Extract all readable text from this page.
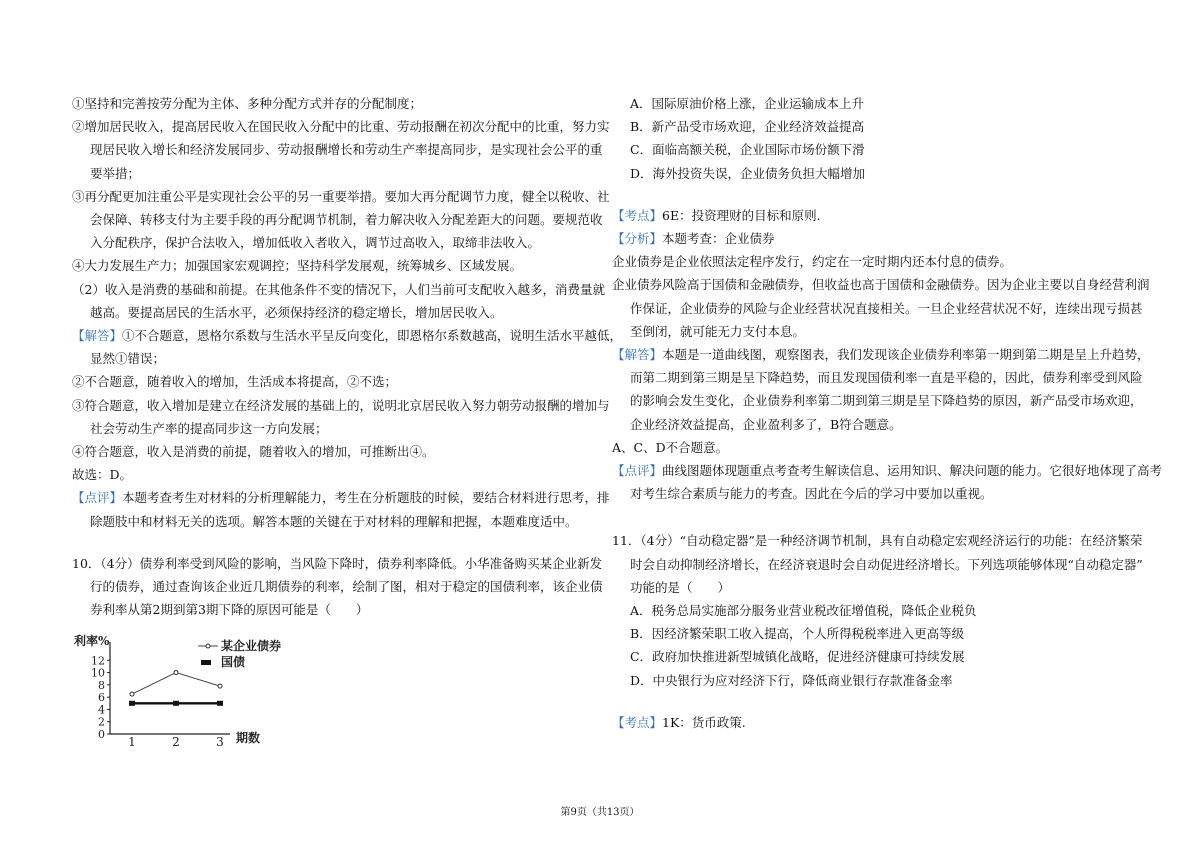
①坚持和完善按劳分配为主体、多种分配方式并存的分配制度；
②增加居民收入，提高居民收入在国民收入分配中的比重、劳动报酬在初次分配中的比重，努力实
现居民收入增长和经济发展同步、劳动报酬增长和劳动生产率提高同步，是实现社会公平的重
要举措；
③再分配更加注重公平是实现社会公平的另一重要举措。要加大再分配调节力度，健全以税收、社
会保障、转移支付为主要手段的再分配调节机制，着力解决收入分配差距大的问题。要规范收
入分配秩序，保护合法收入，增加低收入者收入，调节过高收入，取缔非法收入。
④大力发展生产力；加强国家宏观调控；坚持科学发展观，统筹城乡、区域发展。
（2）收入是消费的基础和前提。在其他条件不变的情况下，人们当前可支配收入越多，消费量就
越高。要提高居民的生活水平，必须保持经济的稳定增长，增加居民收入。
【解答】①不合题意，恩格尔系数与生活水平呈反向变化，即恩格尔系数越高，说明生活水平越低，
显然①错误；
②不合题意，随着收入的增加，生活成本将提高，②不选；
③符合题意，收入增加是建立在经济发展的基础上的，说明北京居民收入努力朝劳动报酬的增加与
社会劳动生产率的提高同步这一方向发展；
④符合题意，收入是消费的前提，随着收入的增加，可推断出④。
故选：D。
【点评】本题考查考生对材料的分析理解能力，考生在分析题肢的时候，要结合材料进行思考，排
除题肢中和材料无关的选项。解答本题的关键在于对材料的理解和把握，本题难度适中。
10．（4分）债券利率受到风险的影响，当风险下降时，债券利率降低。小华准备购买某企业新发
行的债券，通过查询该企业近几期债券的利率，绘制了图，相对于稳定的国债利率，该企业债
券利率从第2期到第3期下降的原因可能是（　　）
利率%
期数
0
2
4
6
8
10
12
1	2	3
某企业债券
国债
A．国际原油价格上涨，企业运输成本上升
B．新产品受市场欢迎，企业经济效益提高
C．面临高额关税，企业国际市场份额下滑
D．海外投资失误，企业债务负担大幅增加
【考点】6E：投资理财的目标和原则.
【分析】本题考查：企业债券
企业债券是企业依照法定程序发行，约定在一定时期内还本付息的债券。
企业债券风险高于国债和金融债券，但收益也高于国债和金融债券。因为企业主要以自身经营利润
作保证，企业债券的风险与企业经营状况直接相关。一旦企业经营状况不好，连续出现亏损甚
至倒闭，就可能无力支付本息。
【解答】本题是一道曲线图，观察图表，我们发现该企业债券利率第一期到第二期是呈上升趋势，
而第二期到第三期是呈下降趋势，而且发现国债利率一直是平稳的，因此，债券利率受到风险
的影响会发生变化，企业债券利率第二期到第三期是呈下降趋势的原因，新产品受市场欢迎，
企业经济效益提高，企业盈利多了，B符合题意。
A、C、D不合题意。
【点评】曲线图题体现题重点考查考生解读信息、运用知识、解决问题的能力。它很好地体现了高考
对考生综合素质与能力的考查。因此在今后的学习中要加以重视。
11．（4分）“自动稳定器”是一种经济调节机制，具有自动稳定宏观经济运行的功能：在经济繁荣
时会自动抑制经济增长，在经济衰退时会自动促进经济增长。下列选项能够体现“自动稳定器”
功能的是（　　）
A．税务总局实施部分服务业营业税改征增值税，降低企业税负
B．因经济繁荣职工收入提高，个人所得税税率进入更高等级
C．政府加快推进新型城镇化战略，促进经济健康可持续发展
D．中央银行为应对经济下行，降低商业银行存款准备金率
【考点】1K：货币政策.
第9页（共13页）
